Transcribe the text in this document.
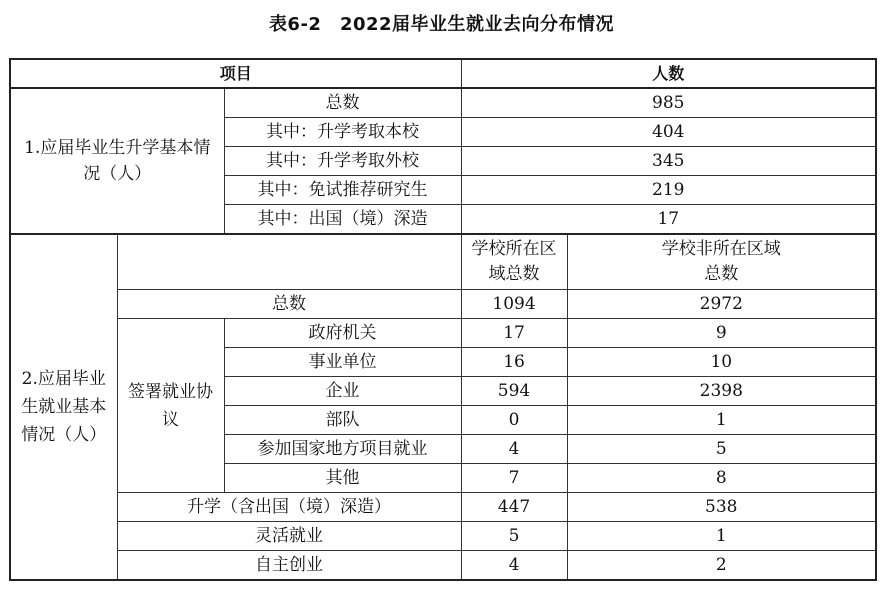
表6-2　2022届毕业生就业去向分布情况
项目			人数	
1.应届毕业生升学基本情况（人）		总数	985	
		其中：升学考取本校	404	
		其中：升学考取外校	345	
		其中：免试推荐研究生	219	
		其中：出国（境）深造	17	
2.应届毕业生就业基本情况（人）			学校所在区域总数	学校非所在区域总数
	总数		1094	2972
	签署就业协议	政府机关	17	9
		事业单位	16	10
		企业	594	2398
		部队	0	1
		参加国家地方项目就业	4	5
		其他	7	8
	升学（含出国（境）深造）		447	538
	灵活就业		5	1
	自主创业		4	2
